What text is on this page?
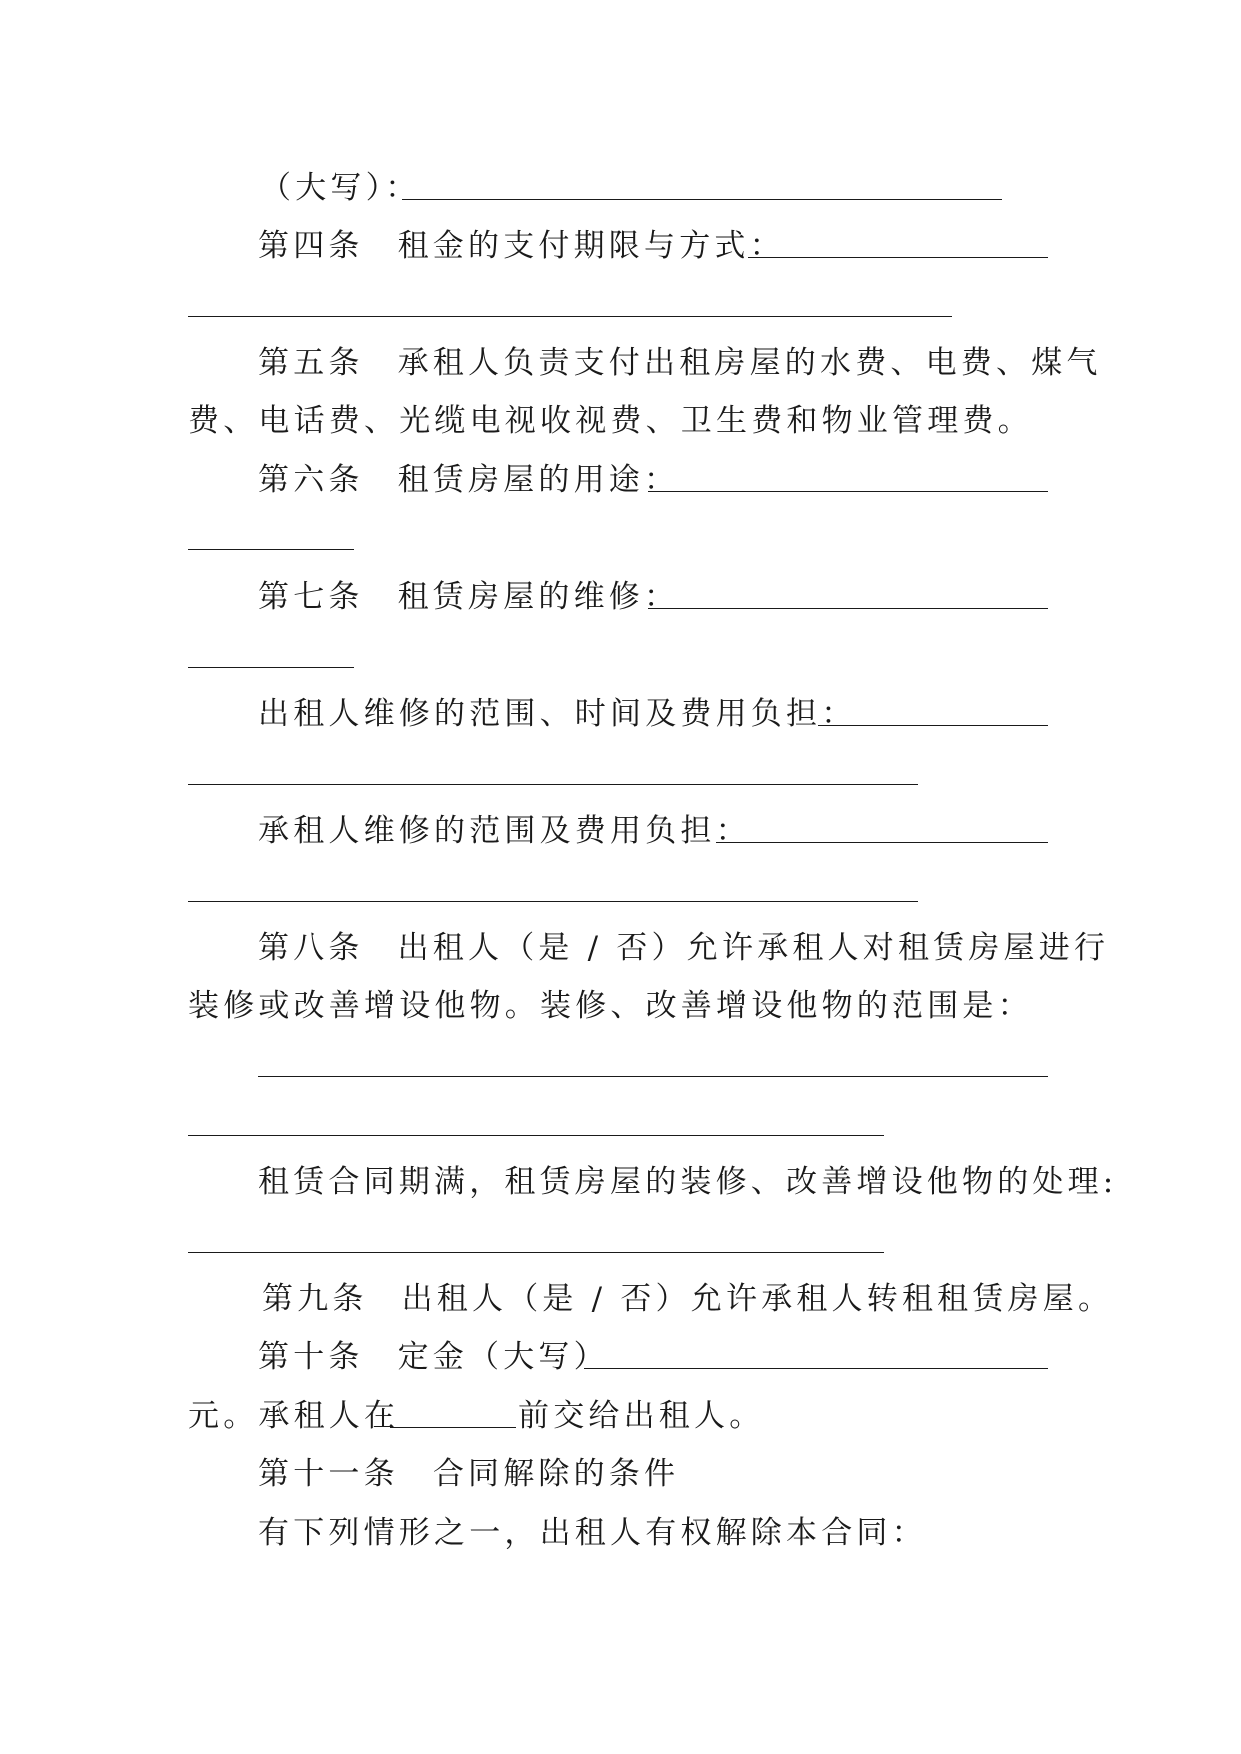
（大写）：
第四条 租金的支付期限与方式：
第五条 承租人负责支付出租房屋的水费、电费、煤气
费、电话费、光缆电视收视费、卫生费和物业管理费。
第六条 租赁房屋的用途：
第七条 租赁房屋的维修：
出租人维修的范围、时间及费用负担：
承租人维修的范围及费用负担：
第八条 出租人（是 / 否）允许承租人对租赁房屋进行
装修或改善增设他物。装修、改善增设他物的范围是：
租赁合同期满，租赁房屋的装修、改善增设他物的处理:
第九条 出租人（是 / 否）允许承租人转租租赁房屋。
第十条 定金（大写）
元。承租人在	前交给出租人。
第十一条 合同解除的条件
有下列情形之一，出租人有权解除本合同：
